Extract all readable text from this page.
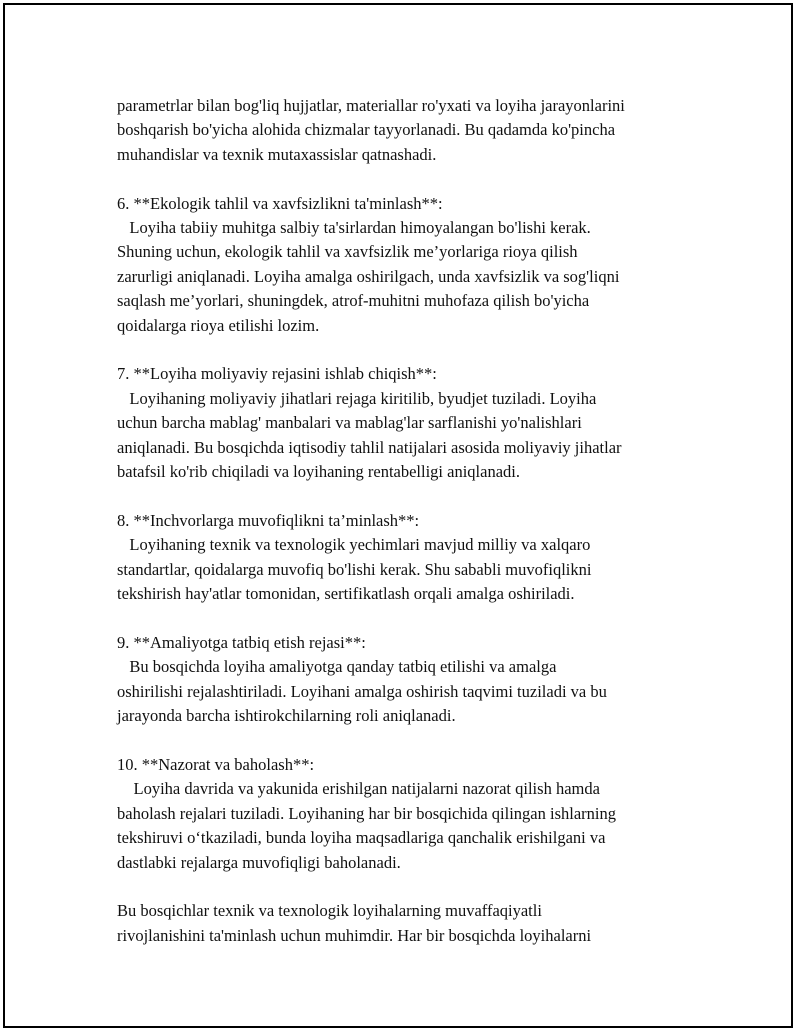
parametrlar bilan bog'liq hujjatlar, materiallar ro'yxati va loyiha jarayonlarini
boshqarish bo'yicha alohida chizmalar tayyorlanadi. Bu qadamda ko'pincha
muhandislar va texnik mutaxassislar qatnashadi.
6. **Ekologik tahlil va xavfsizlikni ta'minlash**:
Loyiha tabiiy muhitga salbiy ta'sirlardan himoyalangan bo'lishi kerak.
Shuning uchun, ekologik tahlil va xavfsizlik me’yorlariga rioya qilish
zarurligi aniqlanadi. Loyiha amalga oshirilgach, unda xavfsizlik va sog'liqni
saqlash me’yorlari, shuningdek, atrof-muhitni muhofaza qilish bo'yicha
qoidalarga rioya etilishi lozim.
7. **Loyiha moliyaviy rejasini ishlab chiqish**:
Loyihaning moliyaviy jihatlari rejaga kiritilib, byudjet tuziladi. Loyiha
uchun barcha mablag' manbalari va mablag'lar sarflanishi yo'nalishlari
aniqlanadi. Bu bosqichda iqtisodiy tahlil natijalari asosida moliyaviy jihatlar
batafsil ko'rib chiqiladi va loyihaning rentabelligi aniqlanadi.
8. **Inchvorlarga muvofiqlikni ta’minlash**:
Loyihaning texnik va texnologik yechimlari mavjud milliy va xalqaro
standartlar, qoidalarga muvofiq bo'lishi kerak. Shu sababli muvofiqlikni
tekshirish hay'atlar tomonidan, sertifikatlash orqali amalga oshiriladi.
9. **Amaliyotga tatbiq etish rejasi**:
Bu bosqichda loyiha amaliyotga qanday tatbiq etilishi va amalga
oshirilishi rejalashtiriladi. Loyihani amalga oshirish taqvimi tuziladi va bu
jarayonda barcha ishtirokchilarning roli aniqlanadi.
10. **Nazorat va baholash**:
Loyiha davrida va yakunida erishilgan natijalarni nazorat qilish hamda
baholash rejalari tuziladi. Loyihaning har bir bosqichida qilingan ishlarning
tekshiruvi o‘tkaziladi, bunda loyiha maqsadlariga qanchalik erishilgani va
dastlabki rejalarga muvofiqligi baholanadi.
Bu bosqichlar texnik va texnologik loyihalarning muvaffaqiyatli
rivojlanishini ta'minlash uchun muhimdir. Har bir bosqichda loyihalarni
